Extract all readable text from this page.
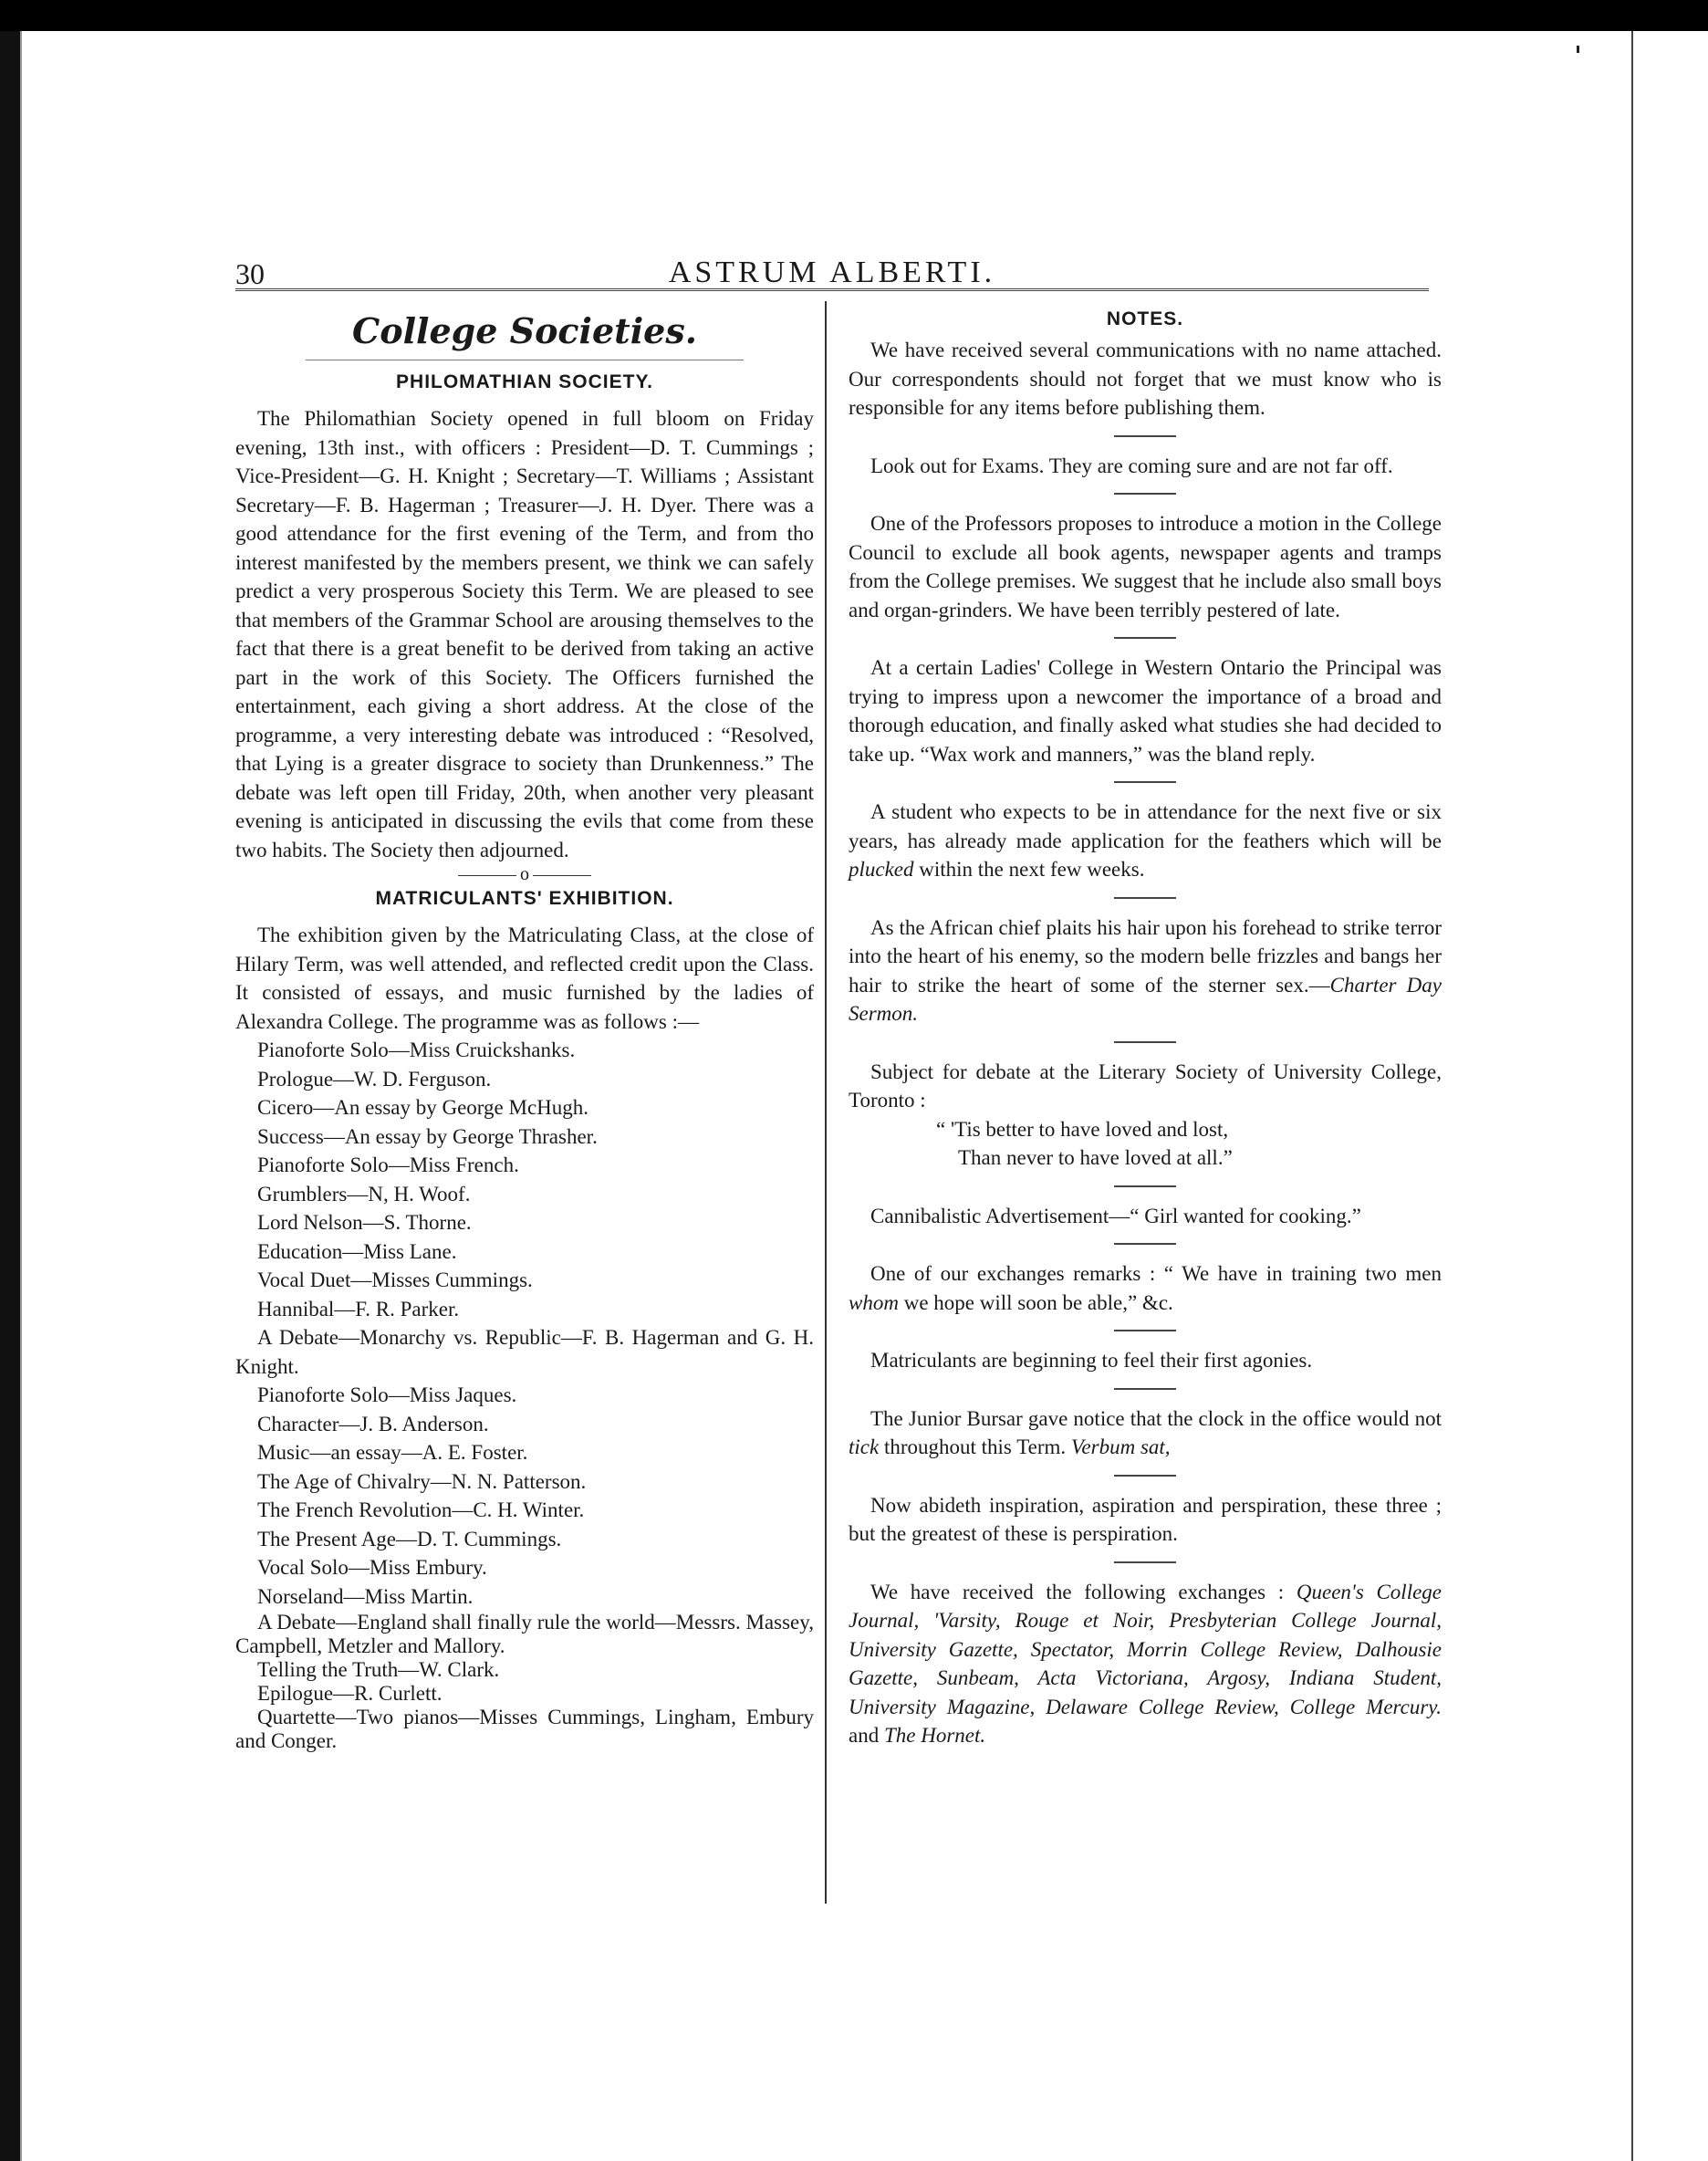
30	ASTRUM ALBERTI.
College Societies.
PHILOMATHIAN SOCIETY.

The Philomathian Society opened in full bloom on Friday evening, 13th inst., with officers : President—D. T. Cummings ; Vice-President—G. H. Knight ; Secretary—T. Williams ; Assistant Secretary—F. B. Hagerman ; Treasurer—J. H. Dyer. There was a good attendance for the first evening of the Term, and from tho interest manifested by the members present, we think we can safely predict a very prosperous Society this Term. We are pleased to see that members of the Grammar School are arousing themselves to the fact that there is a great benefit to be derived from taking an active part in the work of this Society. The Officers furnished the entertainment, each giving a short address. At the close of the programme, a very interesting debate was introduced : “Resolved, that Lying is a greater disgrace to society than Drunkenness.” The debate was left open till Friday, 20th, when another very pleasant evening is anticipated in discussing the evils that come from these two habits. The Society then adjourned.

o
MATRICULANTS' EXHIBITION.

The exhibition given by the Matriculating Class, at the close of Hilary Term, was well attended, and reflected credit upon the Class. It consisted of essays, and music furnished by the ladies of Alexandra College. The programme was as follows :—

Pianoforte Solo—Miss Cruickshanks.

Prologue—W. D. Ferguson.

Cicero—An essay by George McHugh.

Success—An essay by George Thrasher.

Pianoforte Solo—Miss French.

Grumblers—N, H. Woof.

Lord Nelson—S. Thorne.

Education—Miss Lane.

Vocal Duet—Misses Cummings.

Hannibal—F. R. Parker.

A Debate—Monarchy vs. Republic—F. B. Hagerman and G. H. Knight.

Pianoforte Solo—Miss Jaques.

Character—J. B. Anderson.

Music—an essay—A. E. Foster.

The Age of Chivalry—N. N. Patterson.

The French Revolution—C. H. Winter.

The Present Age—D. T. Cummings.

Vocal Solo—Miss Embury.

Norseland—Miss Martin.

A Debate—England shall finally rule the world—Messrs. Massey, Campbell, Metzler and Mallory.

Telling the Truth—W. Clark.

Epilogue—R. Curlett.

Quartette—Two pianos—Misses Cummings, Lingham, Embury and Conger.

NOTES.

We have received several communications with no name attached. Our correspondents should not forget that we must know who is responsible for any items before publishing them.

Look out for Exams. They are coming sure and are not far off.

One of the Professors proposes to introduce a motion in the College Council to exclude all book agents, newspaper agents and tramps from the College premises. We suggest that he include also small boys and organ-grinders. We have been terribly pestered of late.

At a certain Ladies' College in Western Ontario the Principal was trying to impress upon a newcomer the importance of a broad and thorough education, and finally asked what studies she had decided to take up. “Wax work and manners,” was the bland reply.

A student who expects to be in attendance for the next five or six years, has already made application for the feathers which will be plucked within the next few weeks.

As the African chief plaits his hair upon his forehead to strike terror into the heart of his enemy, so the modern belle frizzles and bangs her hair to strike the heart of some of the sterner sex.—Charter Day Sermon.

Subject for debate at the Literary Society of University College, Toronto :

“ 'Tis better to have loved and lost,

Than never to have loved at all.”

Cannibalistic Advertisement—“ Girl wanted for cooking.”

One of our exchanges remarks : “ We have in training two men whom we hope will soon be able,” &c.

Matriculants are beginning to feel their first agonies.

The Junior Bursar gave notice that the clock in the office would not tick throughout this Term. Verbum sat,

Now abideth inspiration, aspiration and perspiration, these three ; but the greatest of these is perspiration.

We have received the following exchanges : Queen's College Journal, 'Varsity, Rouge et Noir, Presbyterian College Journal, University Gazette, Spectator, Morrin College Review, Dalhousie Gazette, Sunbeam, Acta Victoriana, Argosy, Indiana Student, University Magazine, Delaware College Review, College Mercury. and The Hornet.
